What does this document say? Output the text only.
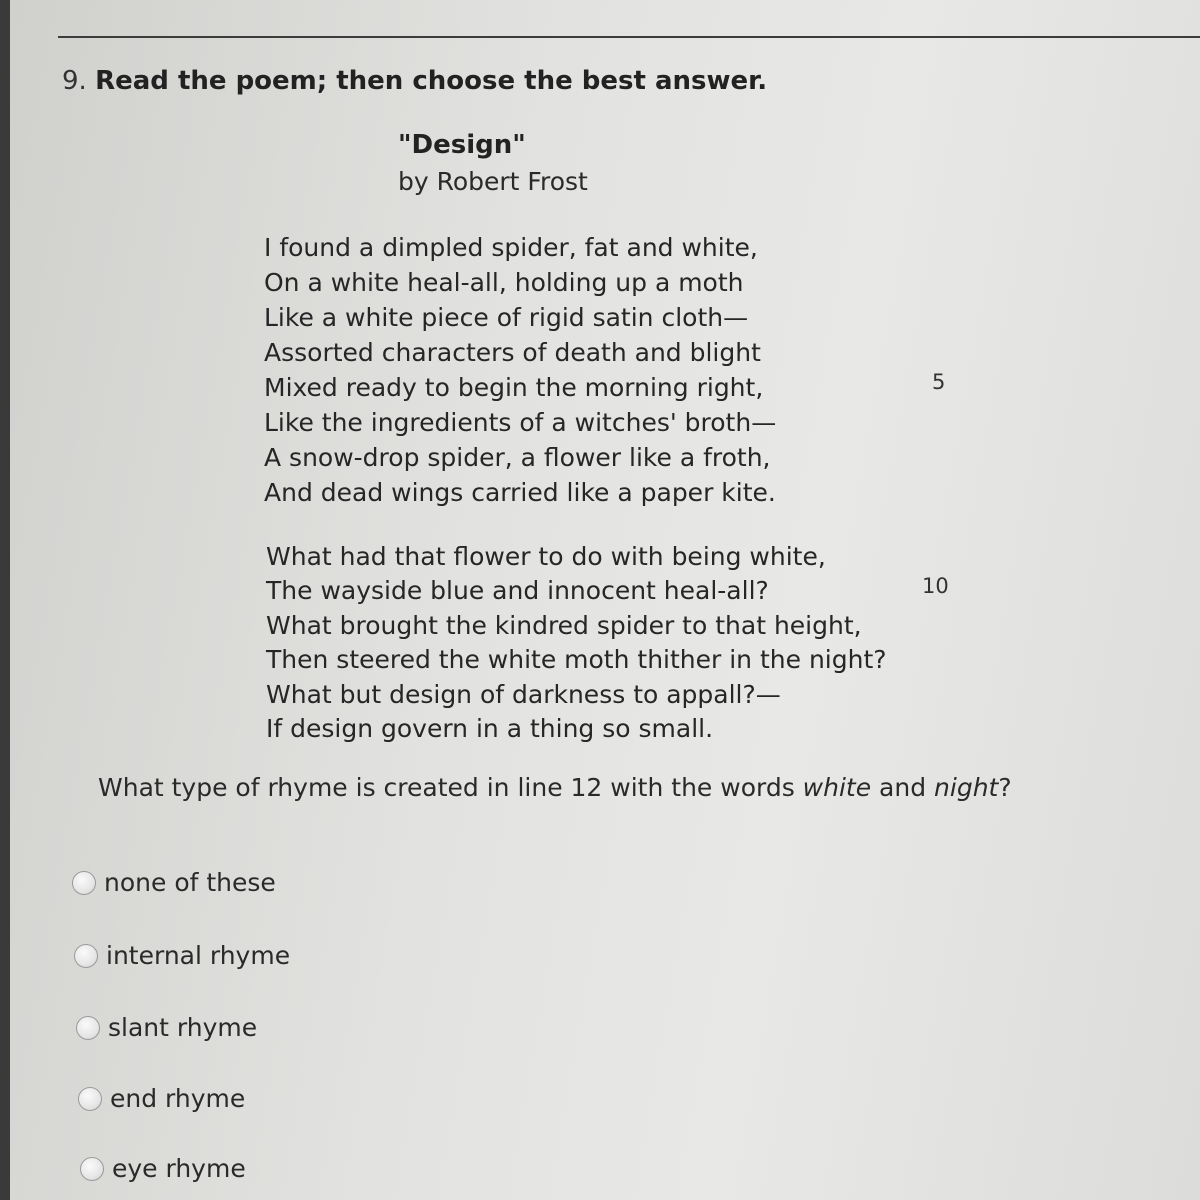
9. Read the poem; then choose the best answer.
"Design"
by Robert Frost
I found a dimpled spider, fat and white,
On a white heal-all, holding up a moth
Like a white piece of rigid satin cloth—
Assorted characters of death and blight
Mixed ready to begin the morning right,
Like the ingredients of a witches' broth—
A snow-drop spider, a flower like a froth,
And dead wings carried like a paper kite.
5
What had that flower to do with being white,
The wayside blue and innocent heal-all?
What brought the kindred spider to that height,
Then steered the white moth thither in the night?
What but design of darkness to appall?—
If design govern in a thing so small.
10
What type of rhyme is created in line 12 with the words white and night?
none of these
internal rhyme
slant rhyme
end rhyme
eye rhyme
